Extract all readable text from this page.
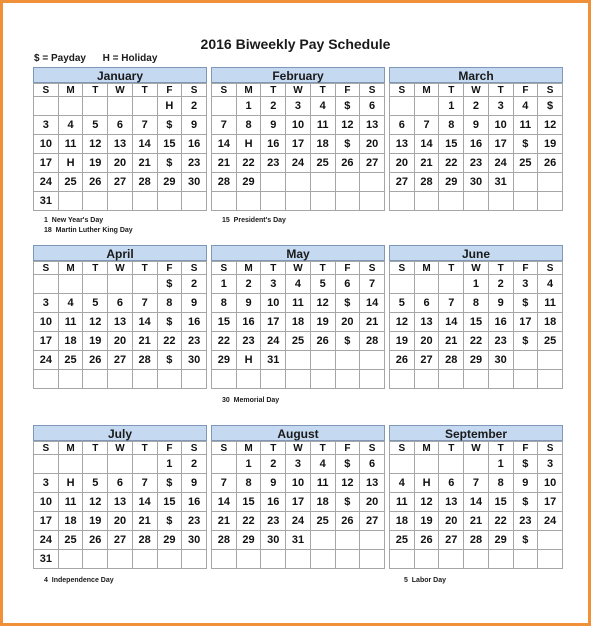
2016 Biweekly Pay Schedule
$ = Payday      H = Holiday
January
S	M	T	W	T	F	S
					H	2
3	4	5	6	7	$	9
10	11	12	13	14	15	16
17	H	19	20	21	$	23
24	25	26	27	28	29	30
31						
February
S	M	T	W	T	F	S
	1	2	3	4	$	6
7	8	9	10	11	12	13
14	H	16	17	18	$	20
21	22	23	24	25	26	27
28	29					

March
S	M	T	W	T	F	S
		1	2	3	4	$
6	7	8	9	10	11	12
13	14	15	16	17	$	19
20	21	22	23	24	25	26
27	28	29	30	31		

April
S	M	T	W	T	F	S
					$	2
3	4	5	6	7	8	9
10	11	12	13	14	$	16
17	18	19	20	21	22	23
24	25	26	27	28	$	30

May
S	M	T	W	T	F	S
1	2	3	4	5	6	7
8	9	10	11	12	$	14
15	16	17	18	19	20	21
22	23	24	25	26	$	28
29	H	31				

June
S	M	T	W	T	F	S
			1	2	3	4
5	6	7	8	9	$	11
12	13	14	15	16	17	18
19	20	21	22	23	$	25
26	27	28	29	30		

July
S	M	T	W	T	F	S
					1	2
3	H	5	6	7	$	9
10	11	12	13	14	15	16
17	18	19	20	21	$	23
24	25	26	27	28	29	30
31						
August
S	M	T	W	T	F	S
	1	2	3	4	$	6
7	8	9	10	11	12	13
14	15	16	17	18	$	20
21	22	23	24	25	26	27
28	29	30	31			

September
S	M	T	W	T	F	S
				1	$	3
4	H	6	7	8	9	10
11	12	13	14	15	$	17
18	19	20	21	22	23	24
25	26	27	28	29	$	

1  New Year's Day
18  Martin Luther King Day
15  President's Day
30  Memorial Day
4  Independence Day	5  Labor Day
